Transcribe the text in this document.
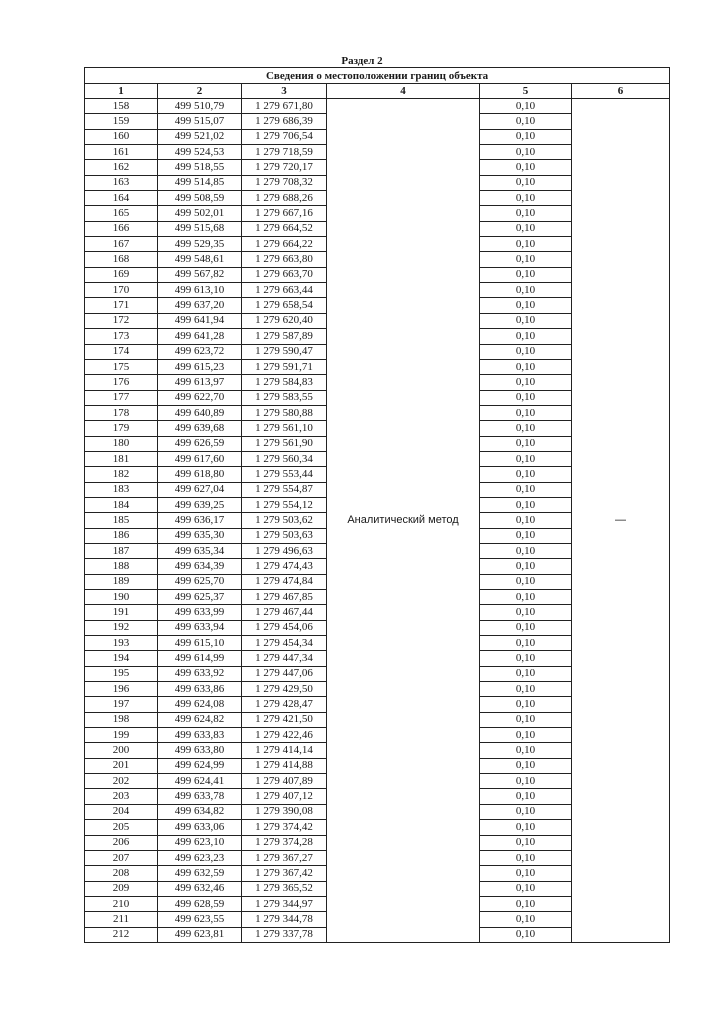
Раздел 2
Сведения о местоположении границ объекта					
1	2	3	4	5	6
158	499 510,79	1 279 671,80	Аналитический метод	0,10	—
159	499 515,07	1 279 686,39		0,10	
160	499 521,02	1 279 706,54		0,10	
161	499 524,53	1 279 718,59		0,10	
162	499 518,55	1 279 720,17		0,10	
163	499 514,85	1 279 708,32		0,10	
164	499 508,59	1 279 688,26		0,10	
165	499 502,01	1 279 667,16		0,10	
166	499 515,68	1 279 664,52		0,10	
167	499 529,35	1 279 664,22		0,10	
168	499 548,61	1 279 663,80		0,10	
169	499 567,82	1 279 663,70		0,10	
170	499 613,10	1 279 663,44		0,10	
171	499 637,20	1 279 658,54		0,10	
172	499 641,94	1 279 620,40		0,10	
173	499 641,28	1 279 587,89		0,10	
174	499 623,72	1 279 590,47		0,10	
175	499 615,23	1 279 591,71		0,10	
176	499 613,97	1 279 584,83		0,10	
177	499 622,70	1 279 583,55		0,10	
178	499 640,89	1 279 580,88		0,10	
179	499 639,68	1 279 561,10		0,10	
180	499 626,59	1 279 561,90		0,10	
181	499 617,60	1 279 560,34		0,10	
182	499 618,80	1 279 553,44		0,10	
183	499 627,04	1 279 554,87		0,10	
184	499 639,25	1 279 554,12		0,10	
185	499 636,17	1 279 503,62		0,10	
186	499 635,30	1 279 503,63		0,10	
187	499 635,34	1 279 496,63		0,10	
188	499 634,39	1 279 474,43		0,10	
189	499 625,70	1 279 474,84		0,10	
190	499 625,37	1 279 467,85		0,10	
191	499 633,99	1 279 467,44		0,10	
192	499 633,94	1 279 454,06		0,10	
193	499 615,10	1 279 454,34		0,10	
194	499 614,99	1 279 447,34		0,10	
195	499 633,92	1 279 447,06		0,10	
196	499 633,86	1 279 429,50		0,10	
197	499 624,08	1 279 428,47		0,10	
198	499 624,82	1 279 421,50		0,10	
199	499 633,83	1 279 422,46		0,10	
200	499 633,80	1 279 414,14		0,10	
201	499 624,99	1 279 414,88		0,10	
202	499 624,41	1 279 407,89		0,10	
203	499 633,78	1 279 407,12		0,10	
204	499 634,82	1 279 390,08		0,10	
205	499 633,06	1 279 374,42		0,10	
206	499 623,10	1 279 374,28		0,10	
207	499 623,23	1 279 367,27		0,10	
208	499 632,59	1 279 367,42		0,10	
209	499 632,46	1 279 365,52		0,10	
210	499 628,59	1 279 344,97		0,10	
211	499 623,55	1 279 344,78		0,10	
212	499 623,81	1 279 337,78		0,10	
